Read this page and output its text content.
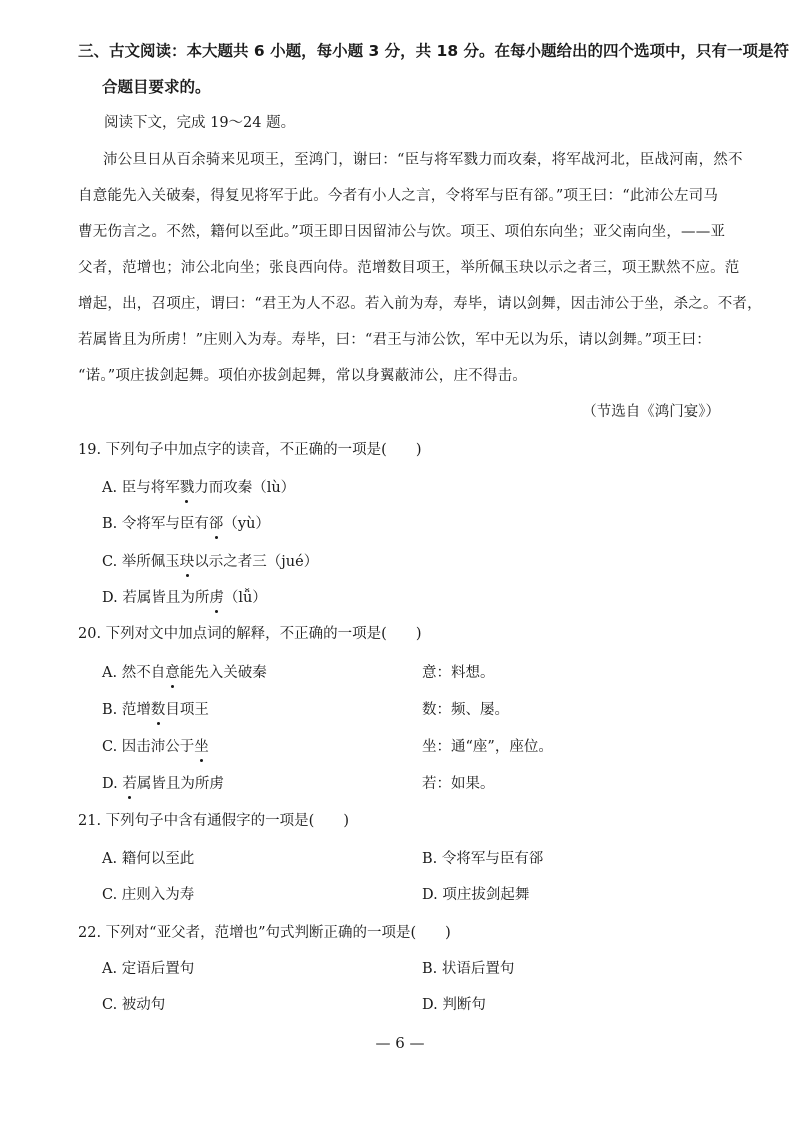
三、古文阅读：本大题共 6 小题，每小题 3 分，共 18 分。在每小题给出的四个选项中，只有一项是符
合题目要求的。
阅读下文，完成 19～24 题。
沛公旦日从百余骑来见项王，至鸿门，谢曰：“臣与将军戮力而攻秦，将军战河北，臣战河南，然不
自意能先入关破秦，得复见将军于此。今者有小人之言，令将军与臣有郤。”项王曰：“此沛公左司马
曹无伤言之。不然，籍何以至此。”项王即日因留沛公与饮。项王、项伯东向坐；亚父南向坐，——亚
父者，范增也；沛公北向坐；张良西向侍。范增数目项王，举所佩玉玦以示之者三，项王默然不应。范
增起，出，召项庄，谓曰：“君王为人不忍。若入前为寿，寿毕，请以剑舞，因击沛公于坐，杀之。不者，
若属皆且为所虏！”庄则入为寿。寿毕，曰：“君王与沛公饮，军中无以为乐，请以剑舞。”项王曰：
“诺。”项庄拔剑起舞。项伯亦拔剑起舞，常以身翼蔽沛公，庄不得击。
（节选自《鸿门宴》）
19. 下列句子中加点字的读音，不正确的一项是(　　)
A. 臣与将军戮力而攻秦（lù）
B. 令将军与臣有郤（yù）
C. 举所佩玉玦以示之者三（jué）
D. 若属皆且为所虏（lǚ）
20. 下列对文中加点词的解释，不正确的一项是(　　)
A. 然不自意能先入关破秦	意：料想。
B. 范增数目项王	数：频、屡。
C. 因击沛公于坐	坐：通“座”，座位。
D. 若属皆且为所虏	若：如果。
21. 下列句子中含有通假字的一项是(　　)
A. 籍何以至此	B. 令将军与臣有郤
C. 庄则入为寿	D. 项庄拔剑起舞
22. 下列对“亚父者，范增也”句式判断正确的一项是(　　)
A. 定语后置句	B. 状语后置句
C. 被动句	D. 判断句
— 6 —
